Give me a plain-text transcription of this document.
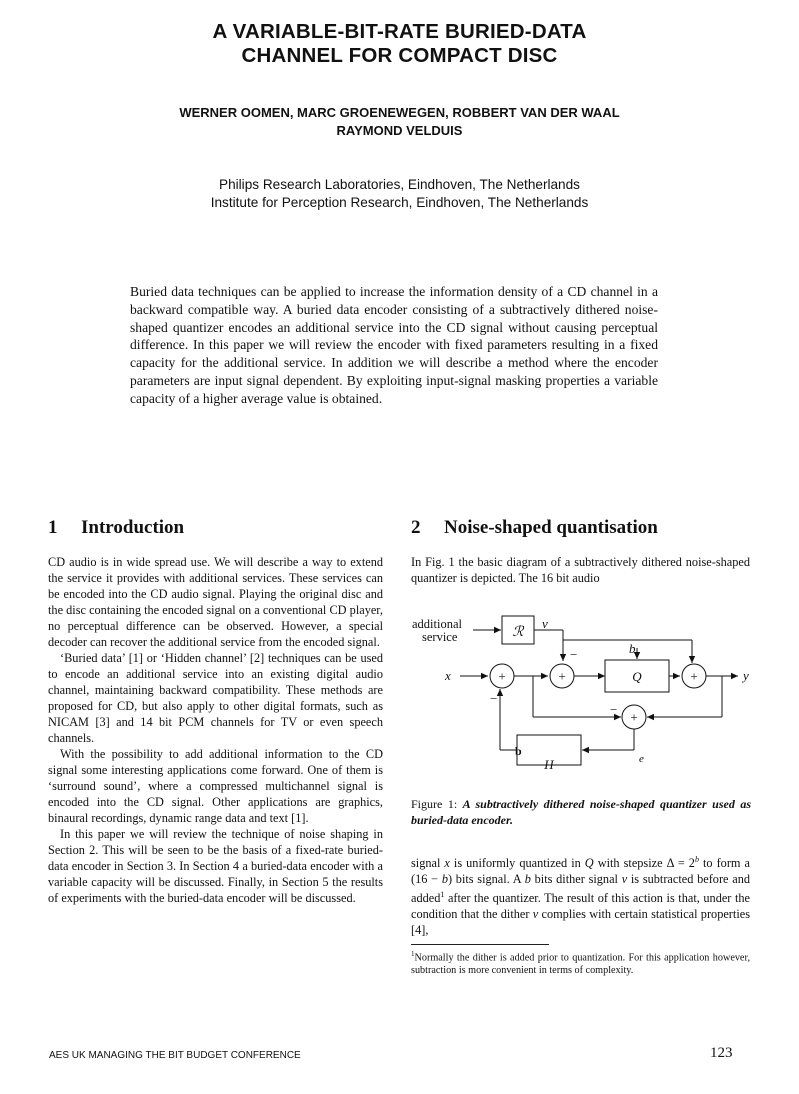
A VARIABLE-BIT-RATE BURIED-DATA
CHANNEL FOR COMPACT DISC
WERNER OOMEN, MARC GROENEWEGEN, ROBBERT VAN DER WAAL
RAYMOND VELDUIS
Philips Research Laboratories, Eindhoven, The Netherlands
Institute for Perception Research, Eindhoven, The Netherlands
Buried data techniques can be applied to increase the information density of a CD channel in a backward compatible way. A buried data encoder consisting of a subtractively dithered noise-shaped quantizer encodes an additional service into the CD signal without causing perceptual difference. In this paper we will review the encoder with fixed parameters resulting in a fixed capacity for the additional service. In addition we will describe a method where the encoder parameters are input signal dependent. By exploiting input-signal masking properties a variable capacity of a higher average value is obtained.
1 Introduction

CD audio is in wide spread use. We will describe a way to extend the service it provides with additional services. These services can be encoded into the CD audio signal. Playing the original disc and the disc containing the encoded signal on a conventional CD player, no perceptual difference can be observed. However, a special decoder can recover the additional service from the encoded signal.

‘Buried data’ [1] or ‘Hidden channel’ [2] techniques can be used to encode an additional service into an existing digital audio channel, maintaining backward compatibility. These methods are proposed for CD, but also apply to other digital formats, such as NICAM [3] and 14 bit PCM channels for TV or even speech channels.

With the possibility to add additional information to the CD signal some interesting applications come forward. One of them is ‘surround sound’, where a compressed multichannel signal is encoded into the CD signal. Other applications are graphics, binaural recordings, dynamic range data and text [1].

In this paper we will review the technique of noise shaping in Section 2. This will be seen to be the basis of a fixed-rate buried-data encoder in Section 3. In Section 4 a buried-data encoder with a variable capacity will be discussed. Finally, in Section 5 the results of experiments with the buried-data encoder will be discussed.

2 Noise-shaped quantisation

In Fig. 1 the basic diagram of a subtractively dithered noise-shaped quantizer is depicted. The 16 bit audio

additional
service	ℛ
ν
b
Q
H
x	y
e
+	+	+
+
−
−
−
b
Figure 1: A subtractively dithered noise-shaped quantizer used as buried-data encoder.

signal x is uniformly quantized in Q with stepsize $\Delta = 2^b$ to form a (16 − b) bits signal. A b bits dither signal ν is subtracted before and added$^1$ after the quantizer. The result of this action is that, under the condition that the dither ν complies with certain statistical properties [4],

$^1$Normally the dither is added prior to quantization. For this application however, subtraction is more convenient in terms of complexity.
AES UK MANAGING THE BIT BUDGET CONFERENCE	123
